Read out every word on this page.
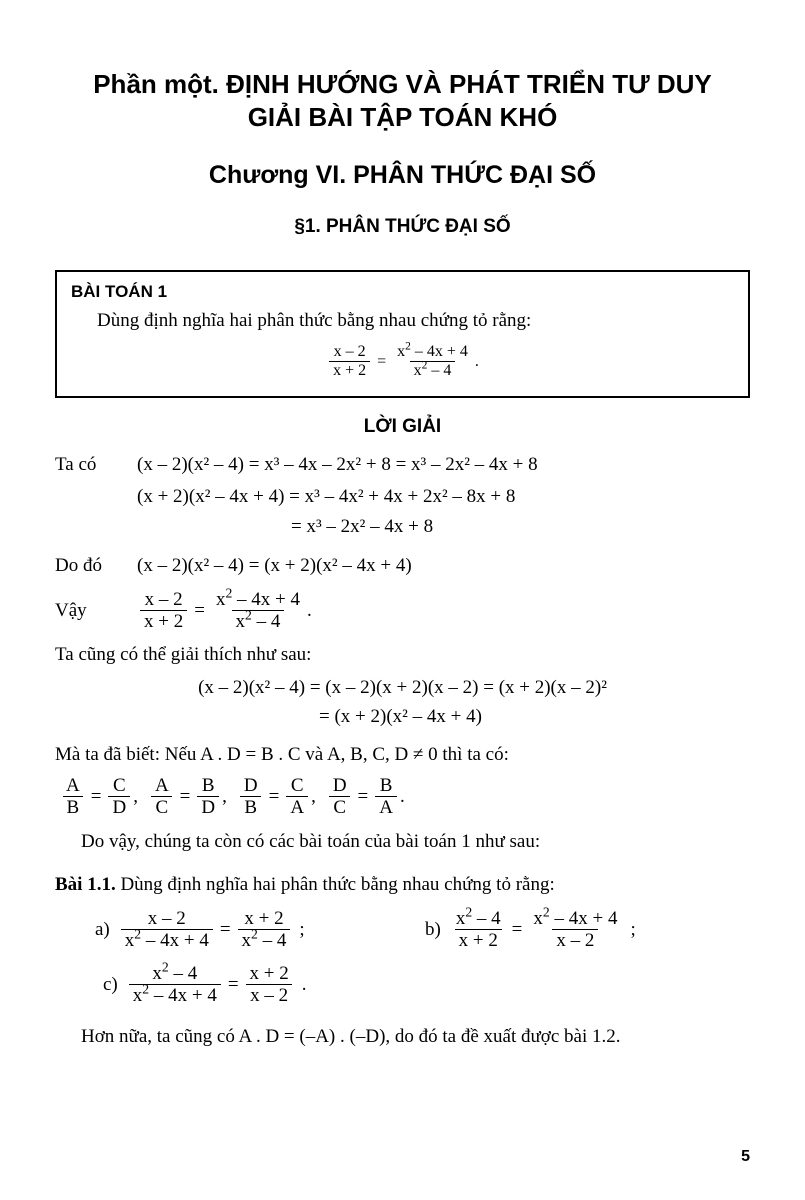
Phần một. ĐỊNH HƯỚNG VÀ PHÁT TRIỂN TƯ DUY
GIẢI BÀI TẬP TOÁN KHÓ
Chương VI. PHÂN THỨC ĐẠI SỐ
§1. PHÂN THỨC ĐẠI SỐ
BÀI TOÁN 1
Dùng định nghĩa hai phân thức bằng nhau chứng tỏ rằng:
$\frac{x - 2}{x + 2} = \frac{x^2 - 4x + 4}{x^2 - 4}$ .
LỜI GIẢI
Ta có	(x – 2)(x² – 4) = x³ – 4x – 2x² + 8 = x³ – 2x² – 4x + 8
(x + 2)(x² – 4x + 4) = x³ – 4x² + 4x + 2x² – 8x + 8
= x³ – 2x² – 4x + 8
Do đó	(x – 2)(x² – 4) = (x + 2)(x² – 4x + 4)
Vậy	$\frac{x - 2}{x + 2} = \frac{x^2 - 4x + 4}{x^2 - 4}$ .
Ta cũng có thể giải thích như sau:
(x – 2)(x² – 4) = (x – 2)(x + 2)(x – 2) = (x + 2)(x – 2)²
= (x + 2)(x² – 4x + 4)
Mà ta đã biết: Nếu A . D = B . C và A, B, C, D ≠ 0 thì ta có:
$\frac{A}{B} = \frac{C}{D}$ , $\frac{A}{C} = \frac{B}{D}$ , $\frac{D}{B} = \frac{C}{A}$ , $\frac{D}{C} = \frac{B}{A}$ .
Do vậy, chúng ta còn có các bài toán của bài toán 1 như sau:
Bài 1.1. Dùng định nghĩa hai phân thức bằng nhau chứng tỏ rằng:
$a) \frac{x - 2}{x^2 - 4x + 4} = \frac{x + 2}{x^2 - 4}$ ;	$b) \frac{x^2 - 4}{x + 2} = \frac{x^2 - 4x + 4}{x - 2}$ ;
$c) \frac{x^2 - 4}{x^2 - 4x + 4} = \frac{x + 2}{x - 2}$ .
Hơn nữa, ta cũng có A . D = (–A) . (–D), do đó ta đề xuất được bài 1.2.
5
